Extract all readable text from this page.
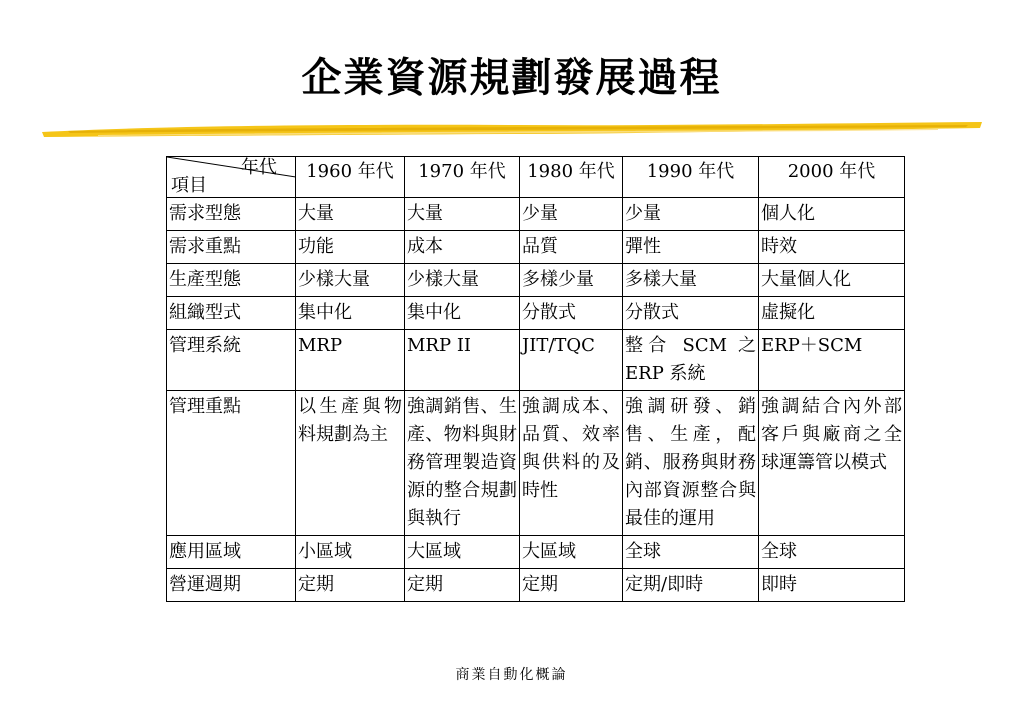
企業資源規劃發展過程
年代
項目	1960 年代	1970 年代	1980 年代	1990 年代	2000 年代
需求型態	大量	大量	少量	少量	個人化
需求重點	功能	成本	品質	彈性	時效
生產型態	少樣大量	少樣大量	多樣少量	多樣大量	大量個人化
組織型式	集中化	集中化	分散式	分散式	虛擬化
管理系統	MRP	MRP II	JIT/TQC	整合 SCM 之 ERP 系統	ERP＋SCM
管理重點	以生產與物料規劃為主	強調銷售、生產、物料與財務管理製造資源的整合規劃與執行	強調成本、品質、效率與供料的及時性	強調研發、銷售、生產，配銷、服務與財務內部資源整合與最佳的運用	強調結合內外部客戶與廠商之全球運籌管以模式
應用區域	小區域	大區域	大區域	全球	全球
營運週期	定期	定期	定期	定期/即時	即時
商業自動化概論
